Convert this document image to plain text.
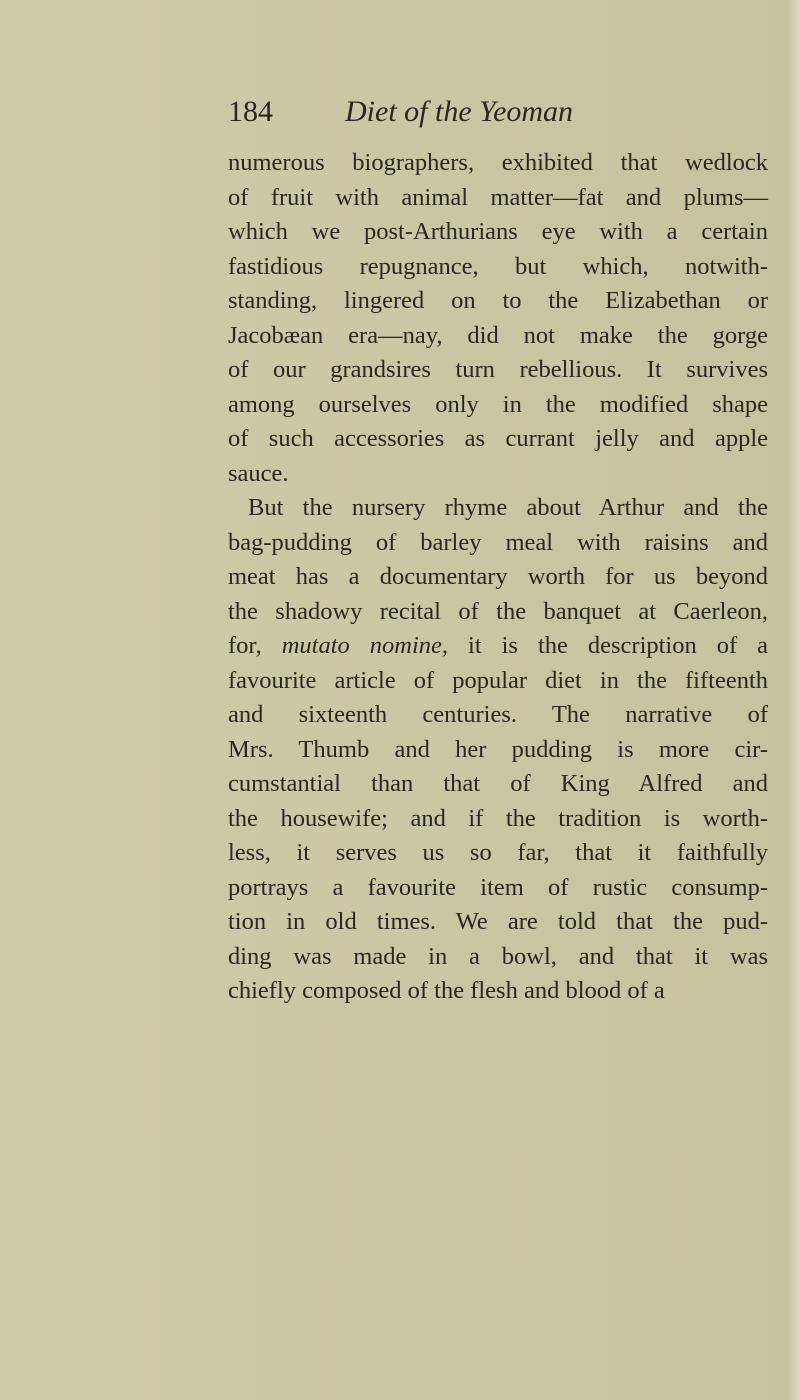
184 Diet of the Yeoman
numerous biographers, exhibited that wedlock
of fruit with animal matter—fat and plums—
which we post-Arthurians eye with a certain
fastidious repugnance, but which, notwith-
standing, lingered on to the Elizabethan or
Jacobæan era—nay, did not make the gorge
of our grandsires turn rebellious. It survives
among ourselves only in the modified shape
of such accessories as currant jelly and apple
sauce.
But the nursery rhyme about Arthur and the
bag-pudding of barley meal with raisins and
meat has a documentary worth for us beyond
the shadowy recital of the banquet at Caerleon,
for, mutato nomine, it is the description of a
favourite article of popular diet in the fifteenth
and sixteenth centuries. The narrative of
Mrs. Thumb and her pudding is more cir-
cumstantial than that of King Alfred and
the housewife; and if the tradition is worth-
less, it serves us so far, that it faithfully
portrays a favourite item of rustic consump-
tion in old times. We are told that the pud-
ding was made in a bowl, and that it was
chiefly composed of the flesh and blood of a
